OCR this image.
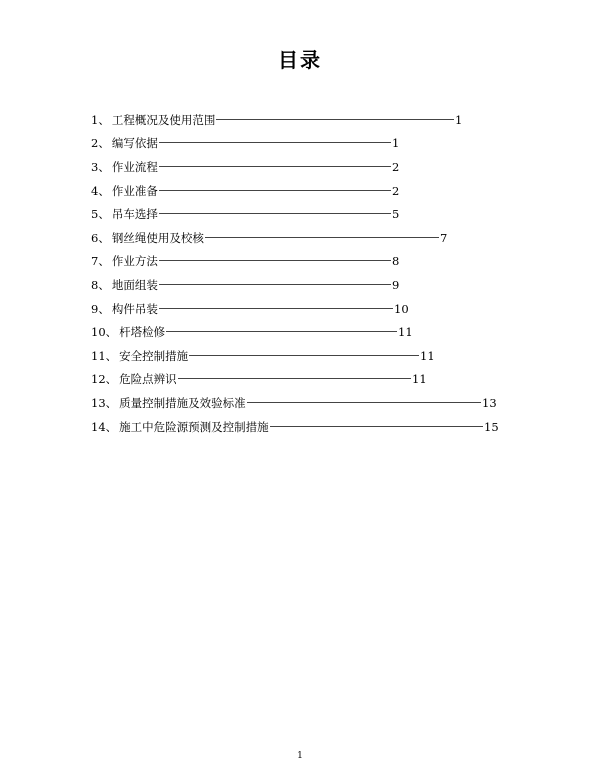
目录
1 、 工程概况及使用范围	1
2 、 编写依据	1
3 、 作业流程	2
4 、 作业准备	2
5 、 吊车选择	5
6 、 钢丝绳使用及校核	7
7 、 作业方法	8
8 、 地面组装	9
9 、 构件吊装	10
10 、 杆塔检修	11
11 、 安全控制措施	11
12 、 危险点辨识	11
13 、 质量控制措施及效验标准	13
14 、 施工中危险源预测及控制措施	15
1
